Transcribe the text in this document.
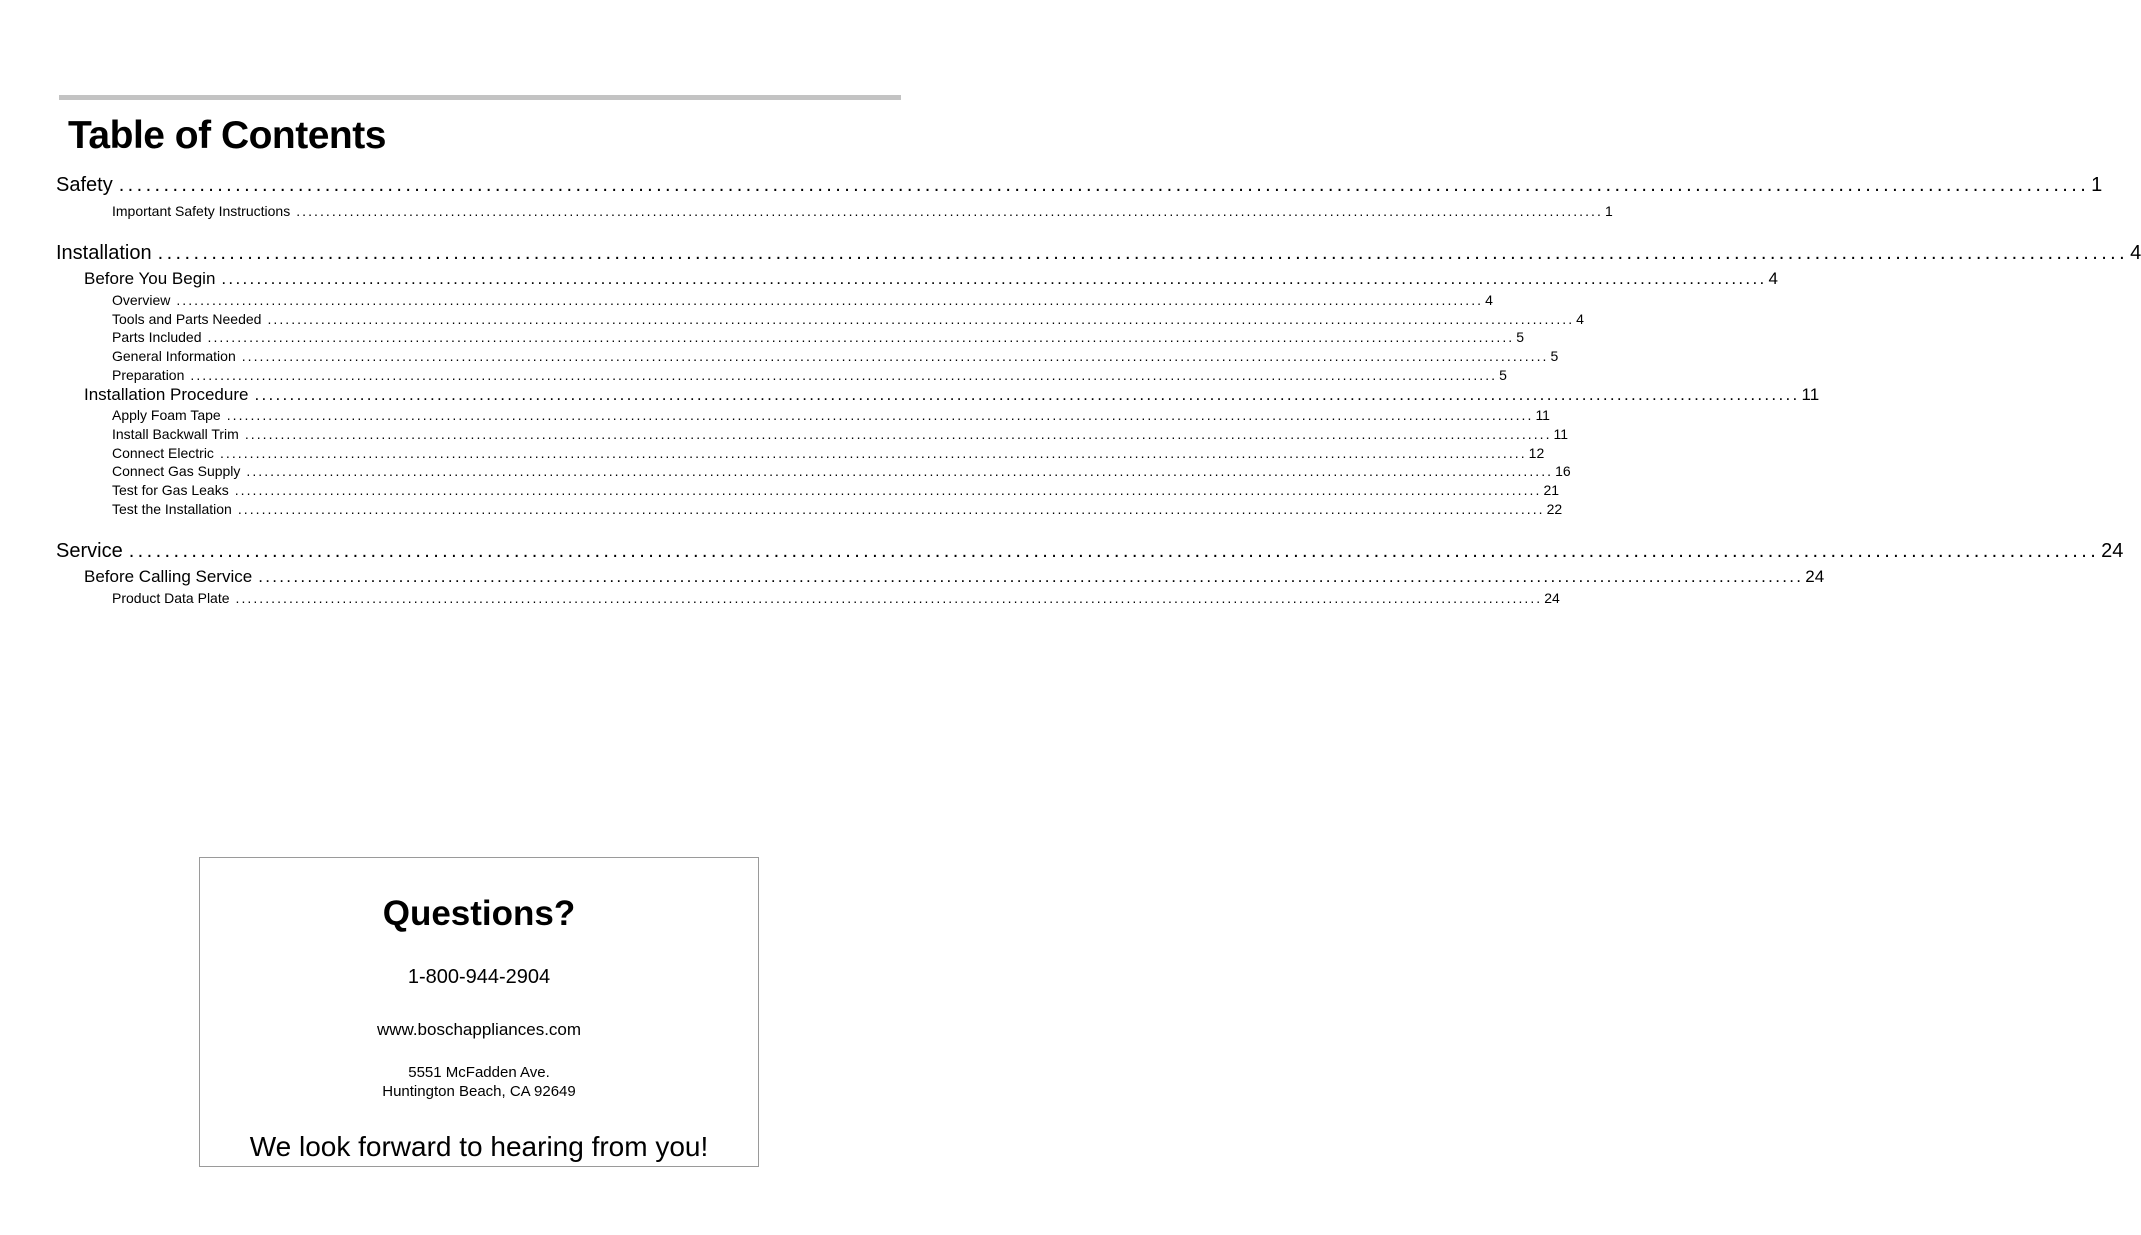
Table of Contents
Safety ............................................................................................................................................................................................................................ 1
Important Safety Instructions ............................................................................................................................................................................................................................ 1
Installation ............................................................................................................................................................................................................................ 4
Before You Begin ............................................................................................................................................................................................................................ 4
Overview ............................................................................................................................................................................................................................ 4
Tools and Parts Needed ............................................................................................................................................................................................................................ 4
Parts Included ............................................................................................................................................................................................................................ 5
General Information ............................................................................................................................................................................................................................ 5
Preparation ............................................................................................................................................................................................................................ 5
Installation Procedure ............................................................................................................................................................................................................................ 11
Apply Foam Tape ............................................................................................................................................................................................................................ 11
Install Backwall Trim ............................................................................................................................................................................................................................ 11
Connect Electric ............................................................................................................................................................................................................................ 12
Connect Gas Supply ............................................................................................................................................................................................................................ 16
Test for Gas Leaks ............................................................................................................................................................................................................................ 21
Test the Installation ............................................................................................................................................................................................................................ 22
Service ............................................................................................................................................................................................................................ 24
Before Calling Service ............................................................................................................................................................................................................................ 24
Product Data Plate ............................................................................................................................................................................................................................ 24
Questions?
1-800-944-2904
www.boschappliances.com
5551 McFadden Ave.
Huntington Beach, CA 92649
We look forward to hearing from you!
